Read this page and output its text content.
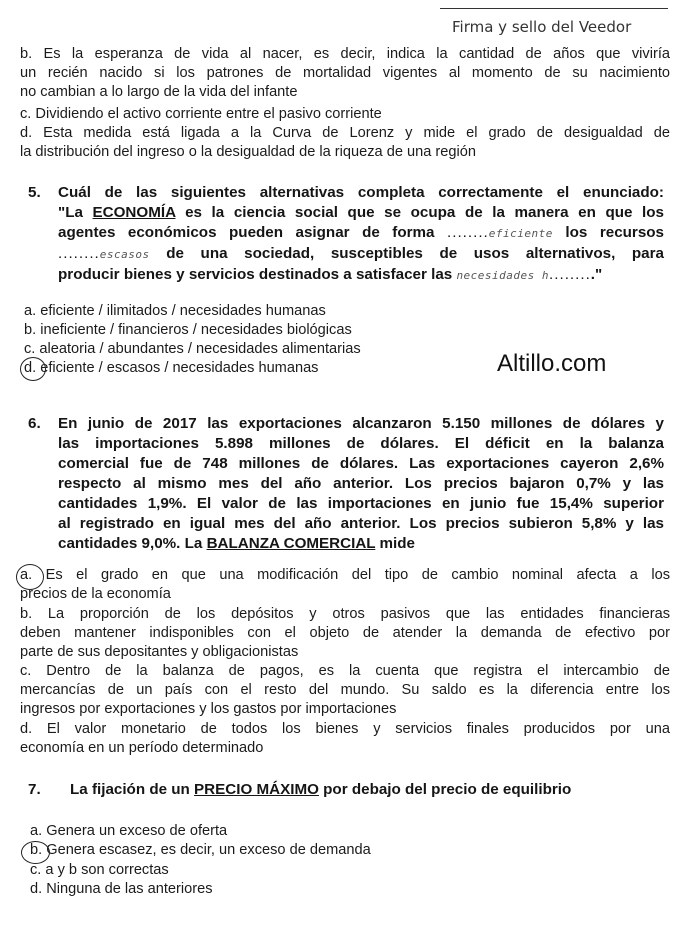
Firma y sello del Veedor
b. Es la esperanza de vida al nacer, es decir, indica la cantidad de años que viviría
un recién nacido si los patrones de mortalidad vigentes al momento de su nacimiento
no cambian a lo largo de la vida del infante
c. Dividiendo el activo corriente entre el pasivo corriente
d. Esta medida está ligada a la Curva de Lorenz y mide el grado de desigualdad de
la distribución del ingreso o la desigualdad de la riqueza de una región
5. Cuál de las siguientes alternativas completa correctamente el enunciado:
"La ECONOMÍA es la ciencia social que se ocupa de la manera en que los
agentes económicos pueden asignar de forma ........eficiente los recursos
........escasos de una sociedad, susceptibles de usos alternativos, para
producir bienes y servicios destinados a satisfacer las necesidades h........."
a. eficiente / ilimitados / necesidades humanas
b. ineficiente / financieros / necesidades biológicas
c. aleatoria / abundantes / necesidades alimentarias
d. eficiente / escasos / necesidades humanas	Altillo.com
6. En junio de 2017 las exportaciones alcanzaron 5.150 millones de dólares y
las importaciones 5.898 millones de dólares. El déficit en la balanza
comercial fue de 748 millones de dólares. Las exportaciones cayeron 2,6%
respecto al mismo mes del año anterior. Los precios bajaron 0,7% y las
cantidades 1,9%. El valor de las importaciones en junio fue 15,4% superior
al registrado en igual mes del año anterior. Los precios subieron 5,8% y las
cantidades 9,0%. La BALANZA COMERCIAL mide
a. Es el grado en que una modificación del tipo de cambio nominal afecta a los
precios de la economía
b. La proporción de los depósitos y otros pasivos que las entidades financieras
deben mantener indisponibles con el objeto de atender la demanda de efectivo por
parte de sus depositantes y obligacionistas
c. Dentro de la balanza de pagos, es la cuenta que registra el intercambio de
mercancías de un país con el resto del mundo. Su saldo es la diferencia entre los
ingresos por exportaciones y los gastos por importaciones
d. El valor monetario de todos los bienes y servicios finales producidos por una
economía en un período determinado
7. La fijación de un PRECIO MÁXIMO por debajo del precio de equilibrio
a. Genera un exceso de oferta
b. Genera escasez, es decir, un exceso de demanda
c. a y b son correctas
d. Ninguna de las anteriores
